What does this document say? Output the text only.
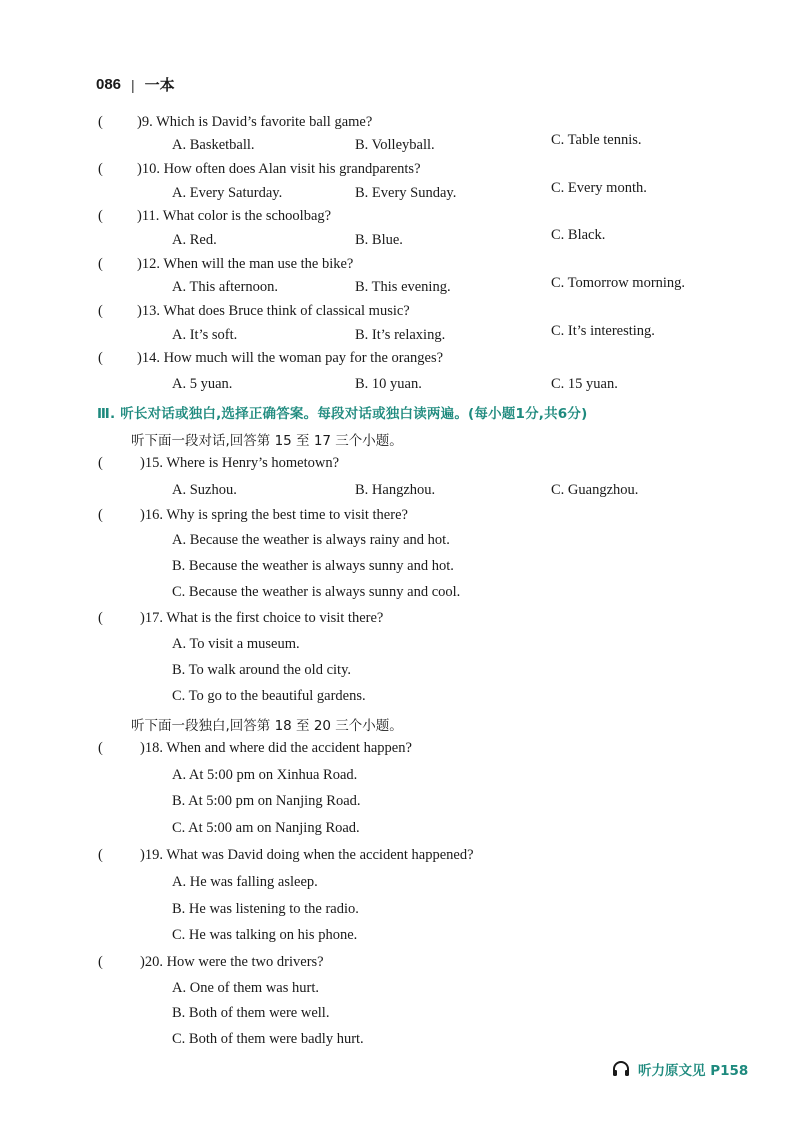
086 | 一本
( )9. Which is David’s favorite ball game?
A. Basketball.	B. Volleyball.	C. Table tennis.
( )10. How often does Alan visit his grandparents?
A. Every Saturday.	B. Every Sunday.	C. Every month.
( )11. What color is the schoolbag?
A. Red.	B. Blue.	C. Black.
( )12. When will the man use the bike?
A. This afternoon.	B. This evening.	C. Tomorrow morning.
( )13. What does Bruce think of classical music?
A. It’s soft.	B. It’s relaxing.	C. It’s interesting.
( )14. How much will the woman pay for the oranges?
A. 5 yuan.	B. 10 yuan.	C. 15 yuan.
Ⅲ. 听长对话或独白,选择正确答案。每段对话或独白读两遍。(每小题1分,共6分)
听下面一段对话,回答第 15 至 17 三个小题。
(	)15. Where is Henry’s hometown?
A. Suzhou.	B. Hangzhou.	C. Guangzhou.
(	)16. Why is spring the best time to visit there?
A. Because the weather is always rainy and hot.
B. Because the weather is always sunny and hot.
C. Because the weather is always sunny and cool.
(	)17. What is the first choice to visit there?
A. To visit a museum.
B. To walk around the old city.
C. To go to the beautiful gardens.
听下面一段独白,回答第 18 至 20 三个小题。
(	)18. When and where did the accident happen?
A. At 5:00 pm on Xinhua Road.
B. At 5:00 pm on Nanjing Road.
C. At 5:00 am on Nanjing Road.
(	)19. What was David doing when the accident happened?
A. He was falling asleep.
B. He was listening to the radio.
C. He was talking on his phone.
(	)20. How were the two drivers?
A. One of them was hurt.
B. Both of them were well.
C. Both of them were badly hurt.
听力原文见 P158
